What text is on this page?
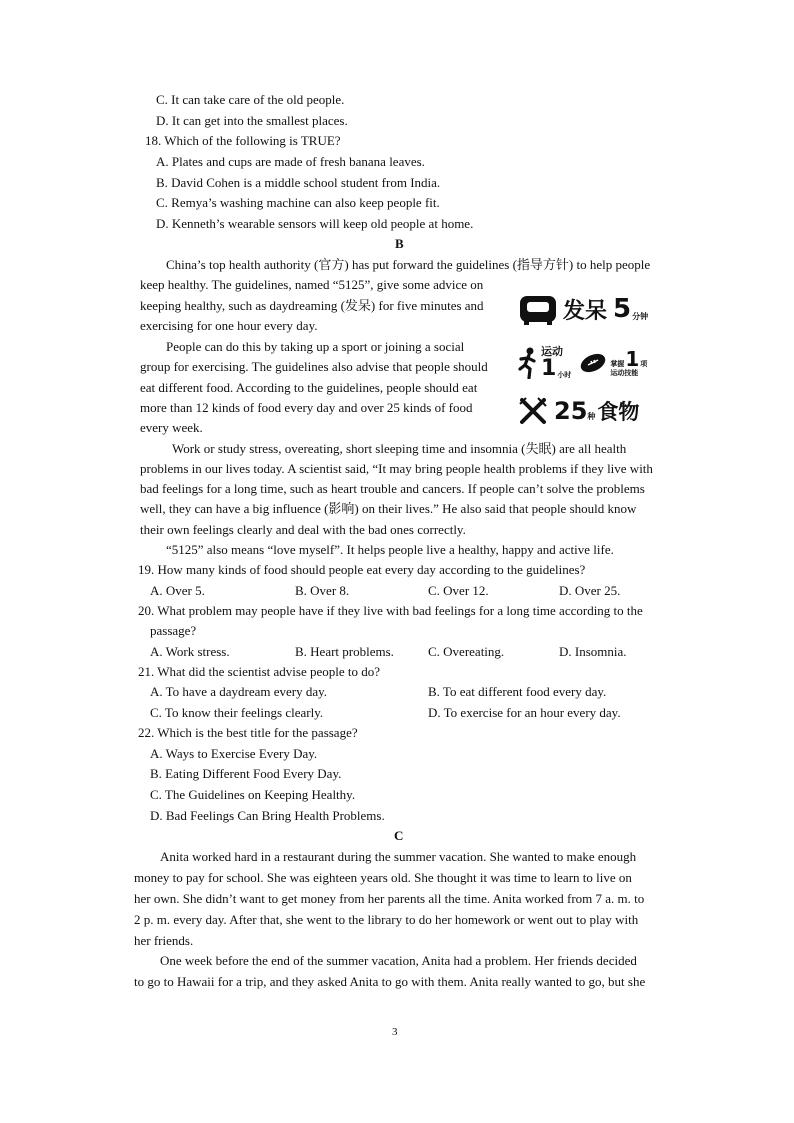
C. It can take care of the old people.
D. It can get into the smallest places.
18. Which of the following is TRUE?
A. Plates and cups are made of fresh banana leaves.
B. David Cohen is a middle school student from India.
C. Remya’s washing machine can also keep people fit.
D. Kenneth’s wearable sensors will keep old people at home.
B
China’s top health authority (官方) has put forward the guidelines (指导方针) to help people
keep healthy. The guidelines, named “5125”, give some advice on
keeping healthy, such as daydreaming (发呆) for five minutes and
exercising for one hour every day.
People can do this by taking up a sport or joining a social
group for exercising. The guidelines also advise that people should
eat different food. According to the guidelines, people should eat
more than 12 kinds of food every day and over 25 kinds of food
every week.
Work or study stress, overeating, short sleeping time and insomnia (失眠) are all health
problems in our lives today. A scientist said, “It may bring people health problems if they live with
bad feelings for a long time, such as heart trouble and cancers. If people can’t solve the problems
well, they can have a big influence (影响) on their lives.” He also said that people should know
their own feelings clearly and deal with the bad ones correctly.
“5125” also means “love myself”. It helps people live a healthy, happy and active life.
发呆 5 分钟
运动
1 小时
掌握 1 项
运动技能
25 种 食物
19. How many kinds of food should people eat every day according to the guidelines?
A. Over 5.	B. Over 8.	C. Over 12.	D. Over 25.
20. What problem may people have if they live with bad feelings for a long time according to the
passage?
A. Work stress.	B. Heart problems.	C. Overeating.	D. Insomnia.
21. What did the scientist advise people to do?
A. To have a daydream every day.	B. To eat different food every day.
C. To know their feelings clearly.	D. To exercise for an hour every day.
22. Which is the best title for the passage?
A. Ways to Exercise Every Day.
B. Eating Different Food Every Day.
C. The Guidelines on Keeping Healthy.
D. Bad Feelings Can Bring Health Problems.
C
Anita worked hard in a restaurant during the summer vacation. She wanted to make enough
money to pay for school. She was eighteen years old. She thought it was time to learn to live on
her own. She didn’t want to get money from her parents all the time. Anita worked from 7 a. m. to
2 p. m. every day. After that, she went to the library to do her homework or went out to play with
her friends.
One week before the end of the summer vacation, Anita had a problem. Her friends decided
to go to Hawaii for a trip, and they asked Anita to go with them. Anita really wanted to go, but she
3
